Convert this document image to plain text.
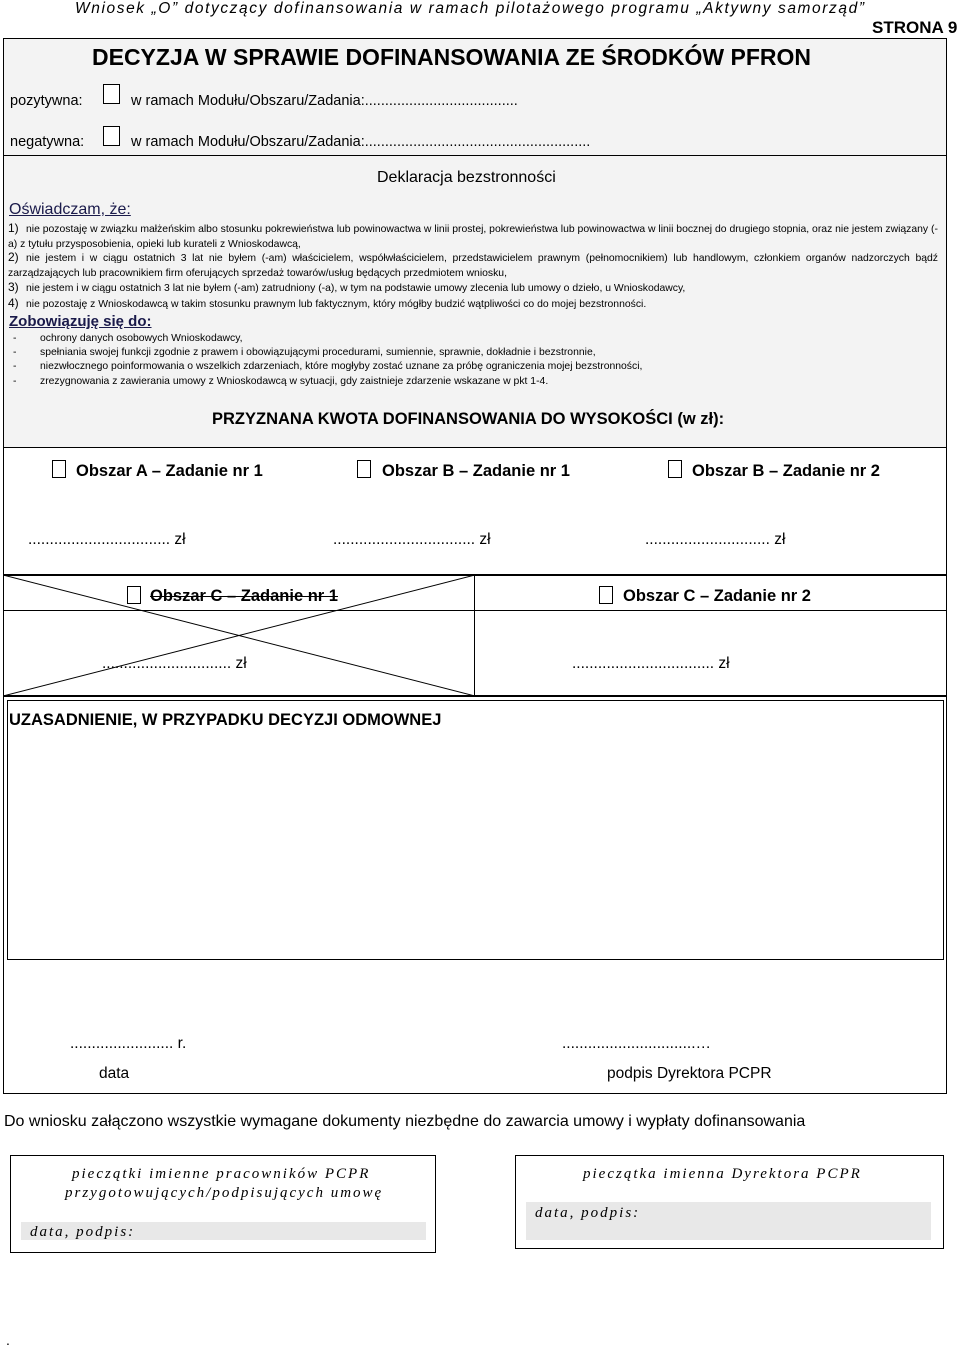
Wniosek „O” dotyczący dofinansowania w ramach pilotażowego programu „Aktywny samorząd”
STRONA 9
DECYZJA W SPRAWIE DOFINANSOWANIA ZE ŚRODKÓW PFRON
pozytywna:	w ramach Modułu/Obszaru/Zadania:......................................
negatywna:	w ramach Modułu/Obszaru/Zadania:........................................................
Deklaracja bezstronności
Oświadczam, że:
1) nie pozostaję w związku małżeńskim albo stosunku pokrewieństwa lub powinowactwa w linii prostej, pokrewieństwa lub powinowactwa w linii bocznej do drugiego stopnia, oraz nie jestem związany (-a) z tytułu przysposobienia, opieki lub kurateli z Wnioskodawcą,
2) nie jestem i w ciągu ostatnich 3 lat nie byłem (-am) właścicielem, współwłaścicielem, przedstawicielem prawnym (pełnomocnikiem) lub handlowym, członkiem organów nadzorczych bądź zarządzających lub pracownikiem firm oferujących sprzedaż towarów/usług będących przedmiotem wniosku,
3) nie jestem i w ciągu ostatnich 3 lat nie byłem (-am) zatrudniony (-a), w tym na podstawie umowy zlecenia lub umowy o dzieło, u Wnioskodawcy,
4) nie pozostaję z Wnioskodawcą w takim stosunku prawnym lub faktycznym, który mógłby budzić wątpliwości co do mojej bezstronności.
Zobowiązuję się do:
- ochrony danych osobowych Wnioskodawcy,
- spełniania swojej funkcji zgodnie z prawem i obowiązującymi procedurami, sumiennie, sprawnie, dokładnie i bezstronnie,
- niezwłocznego poinformowania o wszelkich zdarzeniach, które mogłyby zostać uznane za próbę ograniczenia mojej bezstronności,
- zrezygnowania z zawierania umowy z Wnioskodawcą w sytuacji, gdy zaistnieje zdarzenie wskazane w pkt 1-4.
PRZYZNANA KWOTA DOFINANSOWANIA DO WYSOKOŚCI (w zł):
Obszar A – Zadanie nr 1	Obszar B – Zadanie nr 1	Obszar B – Zadanie nr 2
................................. zł	................................. zł	............................. zł
Obszar C – Zadanie nr 1	Obszar C – Zadanie nr 2
.............................. zł	................................. zł
UZASADNIENIE, W PRZYPADKU DECYZJI ODMOWNEJ
........................ r.
data
...............................…
podpis Dyrektora PCPR
Do wniosku załączono wszystkie wymagane dokumenty niezbędne do zawarcia umowy i wypłaty dofinansowania
pieczątki imienne pracowników PCPR
przygotowujących/podpisujących umowę
data, podpis:
pieczątka imienna Dyrektora PCPR
data, podpis:
.
